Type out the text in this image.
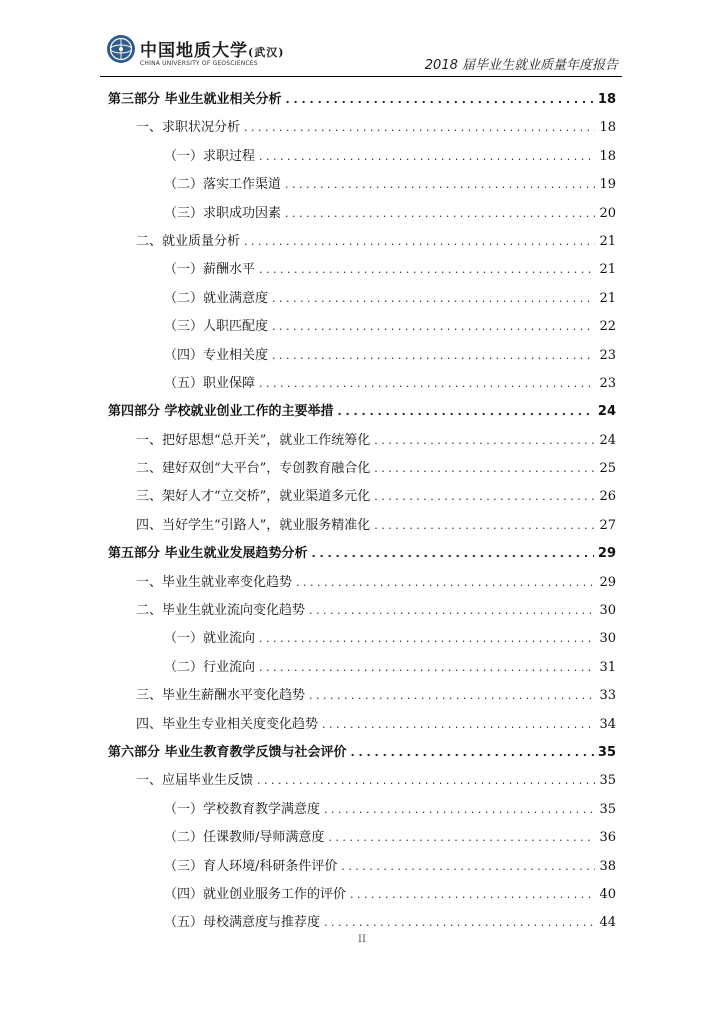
中国地质大学(武汉)
CHINA UNIVERSITY OF GEOSCIENCES	2018 届毕业生就业质量年度报告
第三部分 毕业生就业相关分析 . . .	18
一、求职状况分析 . . .	18
（一）求职过程 . . .	18
（二）落实工作渠道 . . .	19
（三）求职成功因素 . . .	20
二、就业质量分析 . . .	21
（一）薪酬水平 . . .	21
（二）就业满意度 . . .	21
（三）人职匹配度 . . .	22
（四）专业相关度 . . .	23
（五）职业保障 . . .	23
第四部分 学校就业创业工作的主要举措 . . .	24
一、把好思想“总开关”，就业工作统筹化 . . .	24
二、建好双创“大平台”，专创教育融合化 . . .	25
三、架好人才“立交桥”，就业渠道多元化 . . .	26
四、当好学生“引路人”，就业服务精准化 . . .	27
第五部分 毕业生就业发展趋势分析 . . .	29
一、毕业生就业率变化趋势 . . .	29
二、毕业生就业流向变化趋势 . . .	30
（一）就业流向 . . .	30
（二）行业流向 . . .	31
三、毕业生薪酬水平变化趋势 . . .	33
四、毕业生专业相关度变化趋势 . . .	34
第六部分 毕业生教育教学反馈与社会评价 . . .	35
一、应届毕业生反馈 . . .	35
（一）学校教育教学满意度 . . .	35
（二）任课教师/导师满意度 . . .	36
（三）育人环境/科研条件评价 . . .	38
（四）就业创业服务工作的评价 . . .	40
（五）母校满意度与推荐度 . . .	44
II
